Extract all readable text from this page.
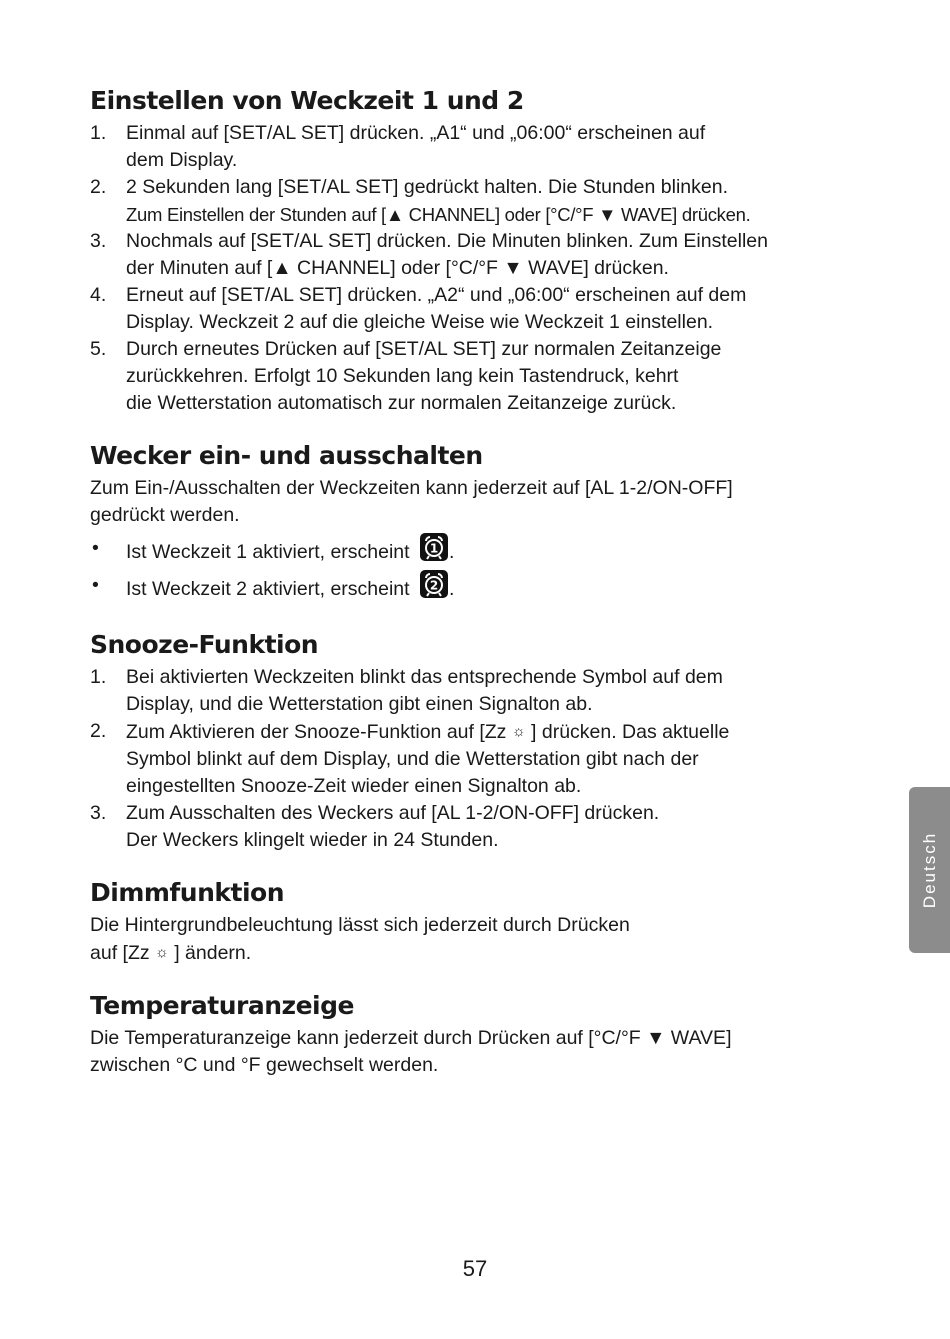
Einstellen von Weckzeit 1 und 2
1. Einmal auf [SET/AL SET] drücken. „A1“ und „06:00“ erscheinen auf
dem Display.
2. 2 Sekunden lang [SET/AL SET] gedrückt halten. Die Stunden blinken.
Zum Einstellen der Stunden auf [▲ CHANNEL] oder [°C/°F ▼ WAVE] drücken.
3. Nochmals auf [SET/AL SET] drücken. Die Minuten blinken. Zum Einstellen
der Minuten auf [▲ CHANNEL] oder [°C/°F ▼ WAVE] drücken.
4. Erneut auf [SET/AL SET] drücken. „A2“ und „06:00“ erscheinen auf dem
Display. Weckzeit 2 auf die gleiche Weise wie Weckzeit 1 einstellen.
5. Durch erneutes Drücken auf [SET/AL SET] zur normalen Zeitanzeige
zurückkehren. Erfolgt 10 Sekunden lang kein Tastendruck, kehrt
die Wetterstation automatisch zur normalen Zeitanzeige zurück.
Wecker ein- und ausschalten

Zum Ein-/Ausschalten der Weckzeiten kann jederzeit auf [AL 1-2/ON-OFF]
gedrückt werden.

• Ist Weckzeit 1 aktiviert, erscheint 1 .
• Ist Weckzeit 2 aktiviert, erscheint 2 .
Snooze-Funktion
1. Bei aktivierten Weckzeiten blinkt das entsprechende Symbol auf dem
Display, und die Wetterstation gibt einen Signalton ab.
2. Zum Aktivieren der Snooze-Funktion auf [Zz ☼ ] drücken. Das aktuelle
Symbol blinkt auf dem Display, und die Wetterstation gibt nach der
eingestellten Snooze-Zeit wieder einen Signalton ab.
3. Zum Ausschalten des Weckers auf [AL 1-2/ON-OFF] drücken.
Der Weckers klingelt wieder in 24 Stunden.
Dimmfunktion

Die Hintergrundbeleuchtung lässt sich jederzeit durch Drücken
auf [Zz ☼ ] ändern.

Temperaturanzeige

Die Temperaturanzeige kann jederzeit durch Drücken auf [°C/°F ▼ WAVE]
zwischen °C und °F gewechselt werden.

Deutsch
57
